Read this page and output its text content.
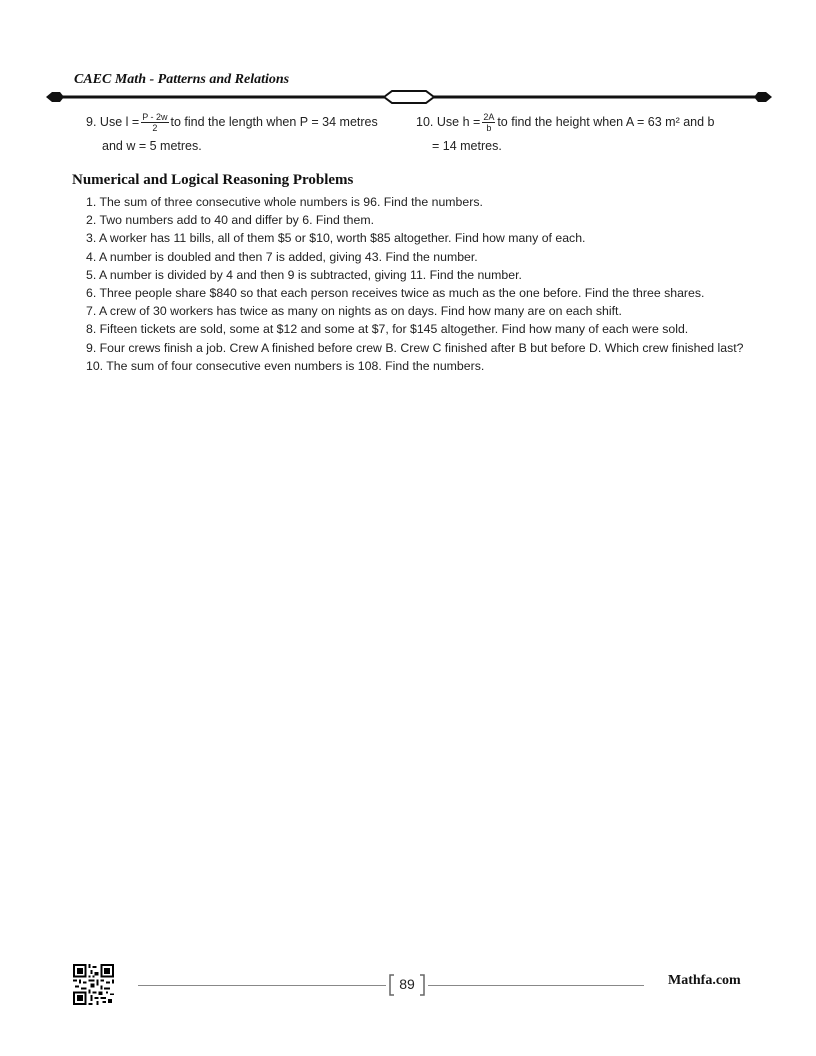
CAEC Math - Patterns and Relations
9. Use $l = \frac{P - 2w}{2}$ to find the length when P = 34 metres
and w = 5 metres.
10. Use $h = \frac{2A}{b}$ to find the height when A = 63 m² and b
= 14 metres.
Numerical and Logical Reasoning Problems
1. The sum of three consecutive whole numbers is 96. Find the numbers.
2. Two numbers add to 40 and differ by 6. Find them.
3. A worker has 11 bills, all of them $5 or $10, worth $85 altogether. Find how many of each.
4. A number is doubled and then 7 is added, giving 43. Find the number.
5. A number is divided by 4 and then 9 is subtracted, giving 11. Find the number.
6. Three people share $840 so that each person receives twice as much as the one before. Find the three shares.
7. A crew of 30 workers has twice as many on nights as on days. Find how many are on each shift.
8. Fifteen tickets are sold, some at $12 and some at $7, for $145 altogether. Find how many of each were sold.
9. Four crews finish a job. Crew A finished before crew B. Crew C finished after B but before D. Which crew finished last?
10. The sum of four consecutive even numbers is 108. Find the numbers.
89	Mathfa.com
